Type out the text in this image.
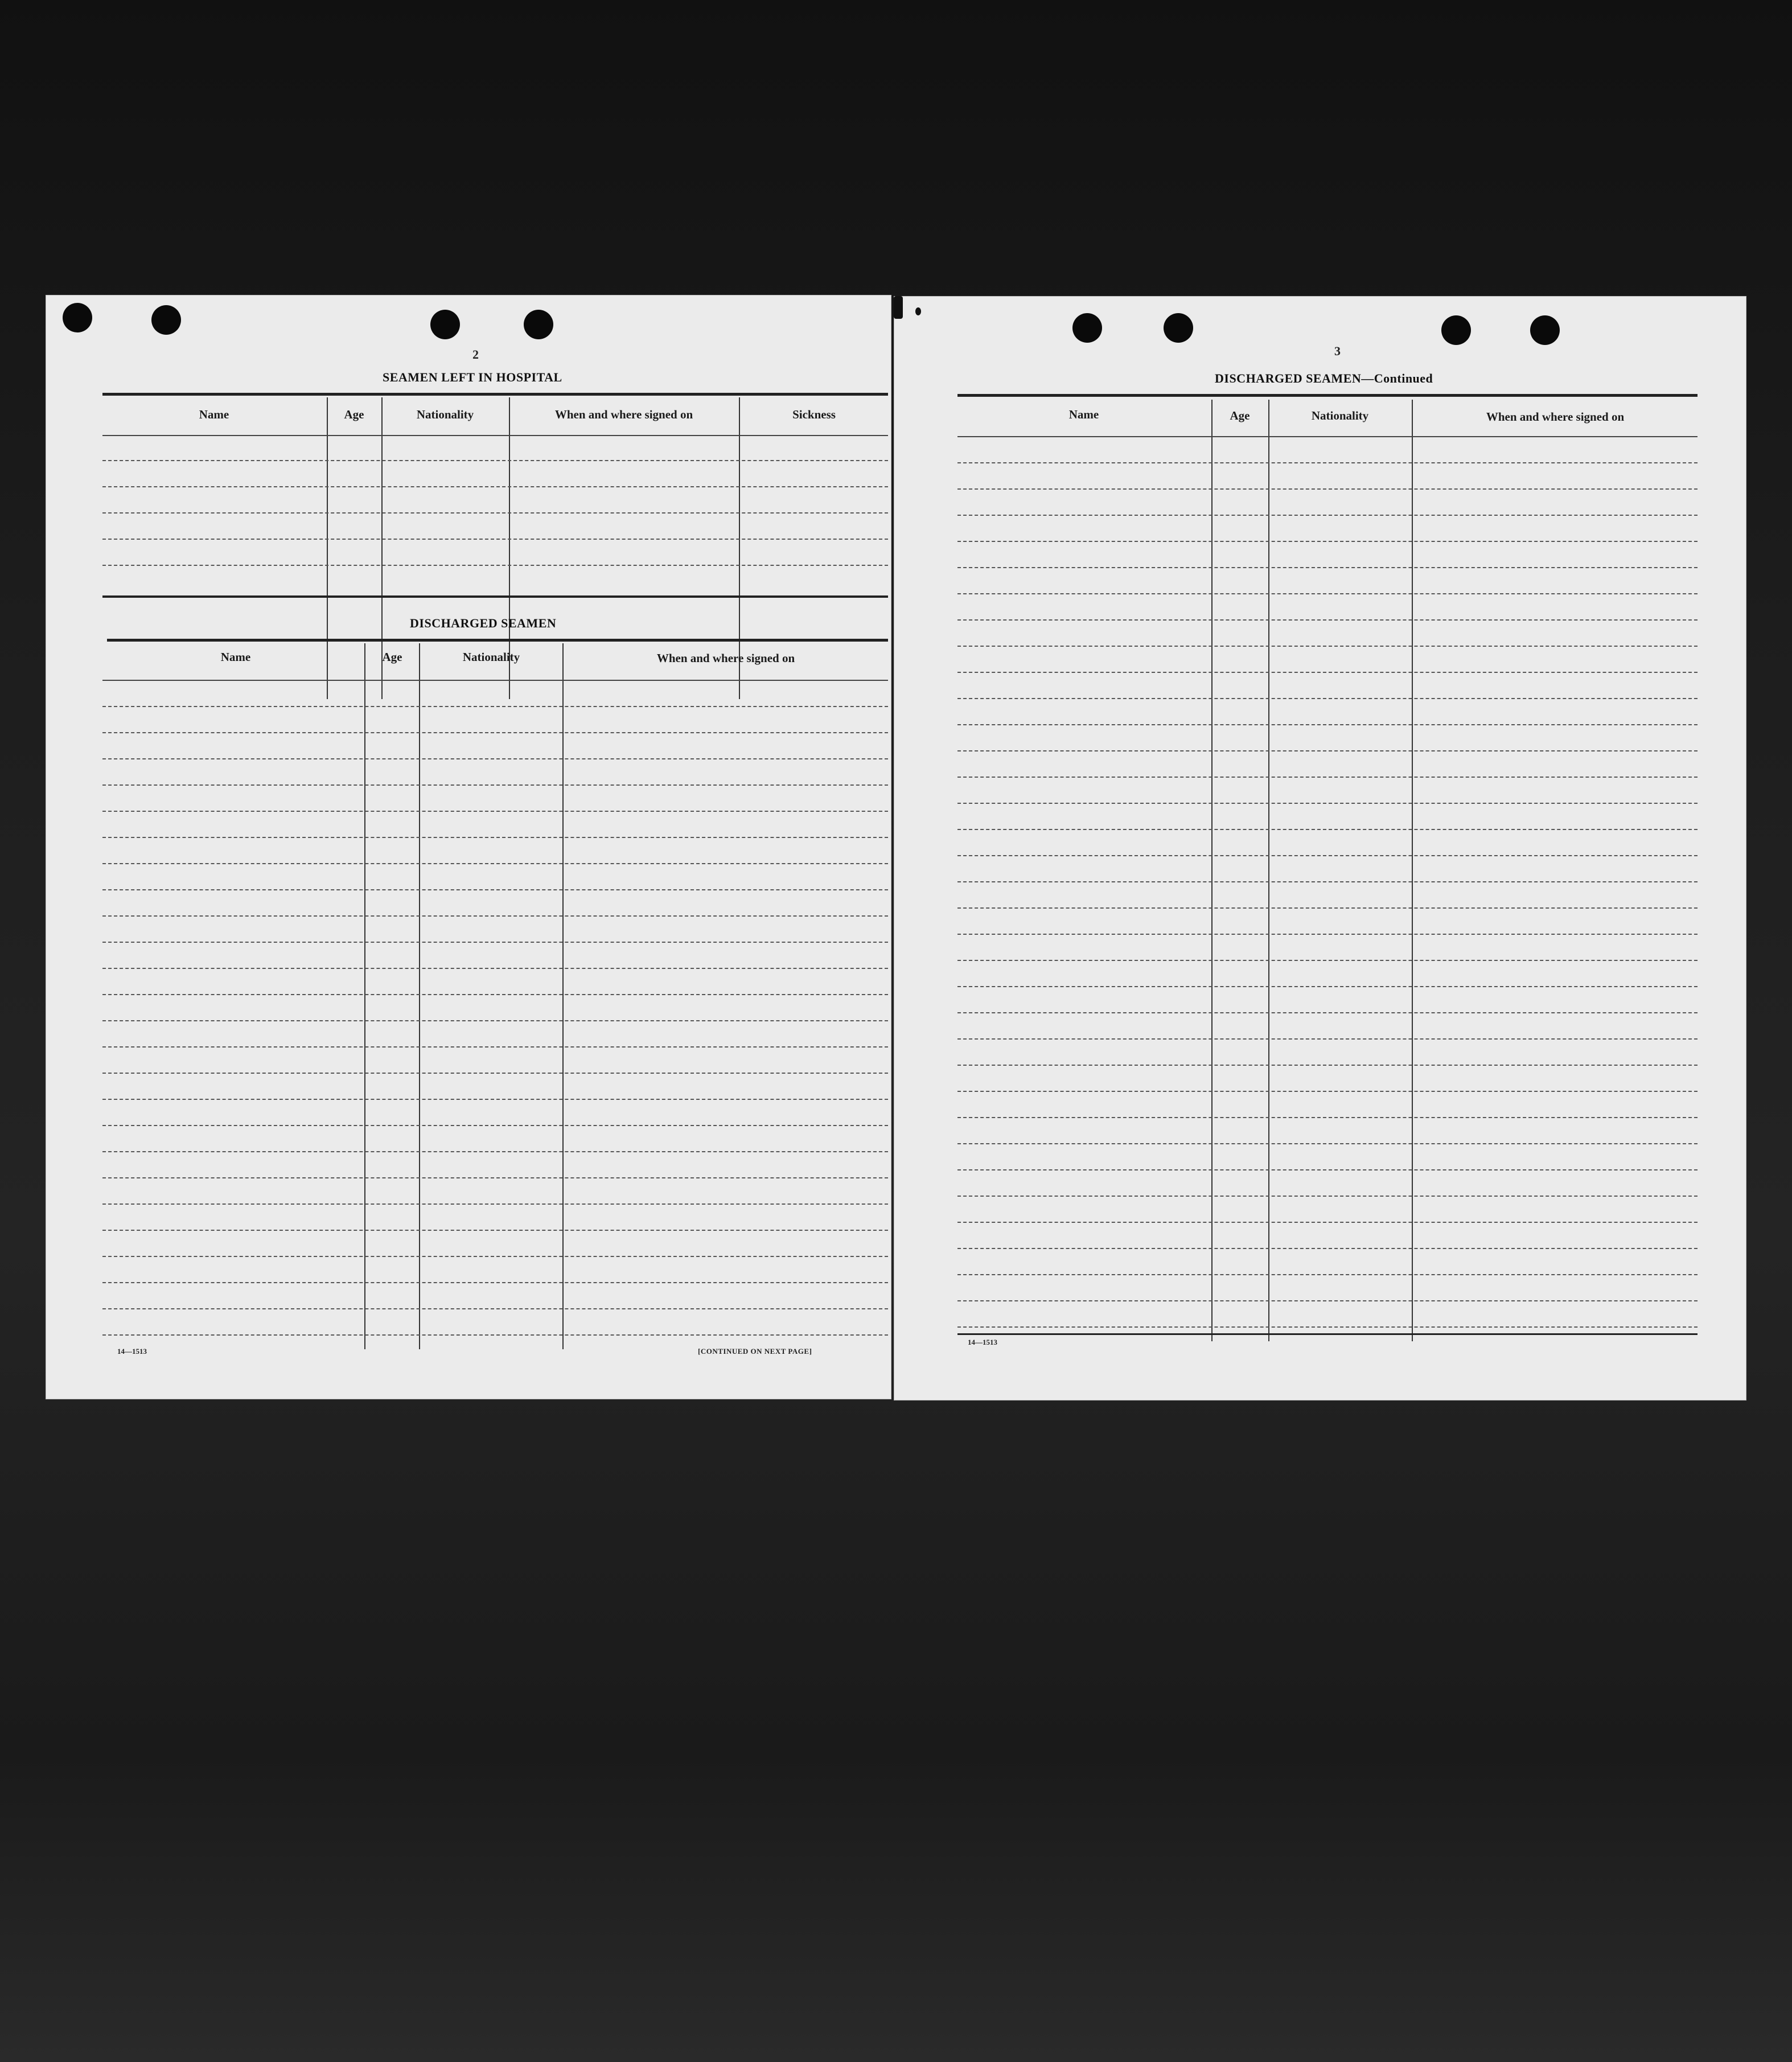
2
SEAMEN LEFT IN HOSPITAL
Name	Age	Nationality	When and where signed on	Sickness
DISCHARGED SEAMEN
Name	Age	Nationality	When and where signed on
14—1513	[CONTINUED ON NEXT PAGE]
3
DISCHARGED SEAMEN—Continued
Name	Age	Nationality	When and where signed on
14—1513
